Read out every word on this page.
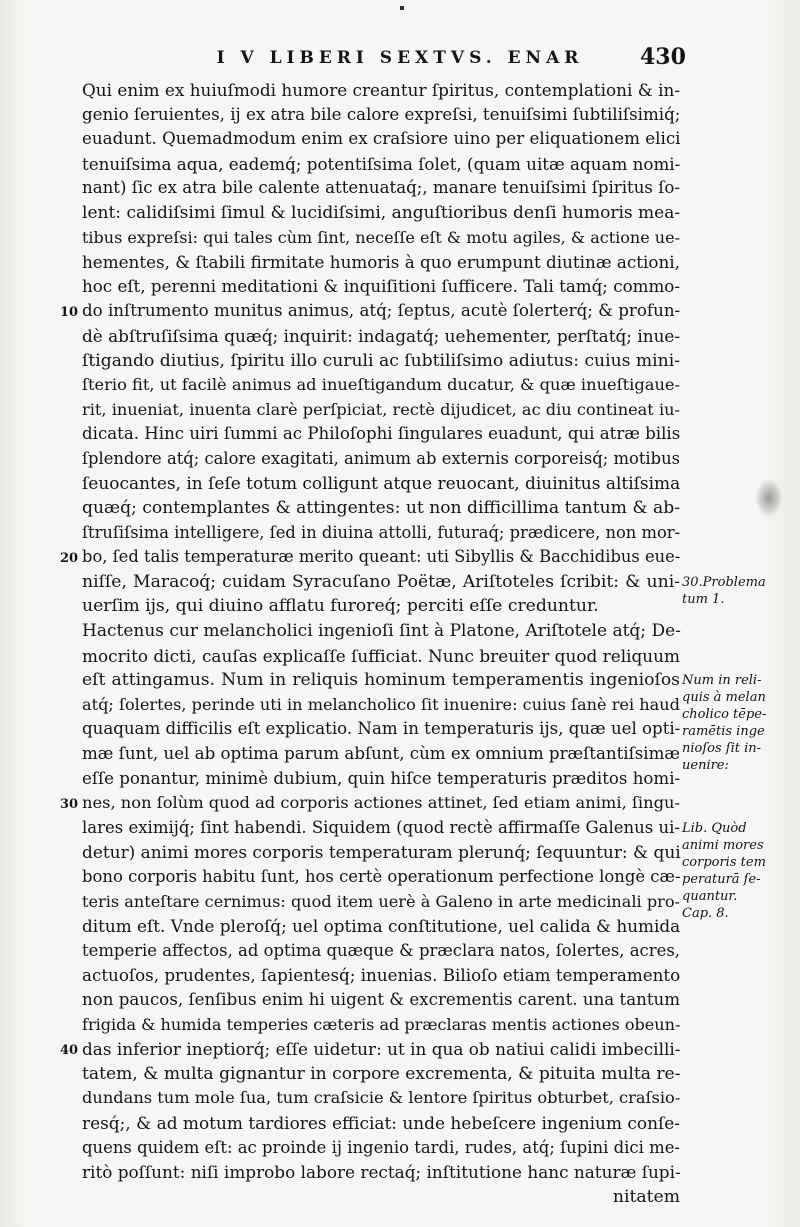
I V LIBERI SEXTVS. ENAR	430
Qui enim ex huiuſmodi humore creantur ſpiritus, contemplationi & in-
genio ſeruientes, ij ex atra bile calore expreſsi, tenuiſsimi ſubtiliſsimiq́;
euadunt. Quemadmodum enim ex craſsiore uino per eliquationem elici
tenuiſsima aqua, eademq́; potentiſsima ſolet, (quam uitæ aquam nomi-
nant) ſic ex atra bile calente attenuataq́;, manare tenuiſsimi ſpiritus ſo-
lent: calidiſsimi ſimul & lucidiſsimi, anguſtioribus denſi humoris mea-
tibus expreſsi: qui tales cùm ſint, neceſſe eſt & motu agiles, & actione ue-
hementes, & ſtabili firmitate humoris à quo erumpunt diutinæ actioni,
hoc eſt, perenni meditationi & inquiſitioni ſufficere. Tali tamq́; commo-
do inſtrumento munitus animus, atq́; ſeptus, acutè ſolerterq́; & profun-
dè abſtruſiſsima quæq́; inquirit: indagatq́; uehementer, perſtatq́; inue-
ſtigando diutius, ſpiritu illo curuli ac ſubtiliſsimo adiutus: cuius mini-
ſterio fit, ut facilè animus ad inueſtigandum ducatur, & quæ inueſtigaue-
rit, inueniat, inuenta clarè perſpiciat, rectè dijudicet, ac diu contineat iu-
dicata. Hinc uiri ſummi ac Philoſophi ſingulares euadunt, qui atræ bilis
ſplendore atq́; calore exagitati, animum ab externis corporeisq́; motibus
ſeuocantes, in ſeſe totum colligunt atque reuocant, diuinitus altiſsima
quæq́; contemplantes & attingentes: ut non difficillima tantum & ab-
ſtruſiſsima intelligere, ſed in diuina attolli, futuraq́; prædicere, non mor-
bo, ſed talis temperaturæ merito queant: uti Sibyllis & Bacchidibus eue-
niſſe, Maracoq́; cuidam Syracuſano Poëtæ, Ariſtoteles ſcribit: & uni-
uerſim ijs, qui diuino afflatu furoreq́; perciti eſſe creduntur.
Hactenus cur melancholici ingenioſi ſint à Platone, Ariſtotele atq́; De-
mocrito dicti, cauſas explicaſſe ſufficiat. Nunc breuiter quod reliquum
eſt attingamus. Num in reliquis hominum temperamentis ingenioſos
atq́; ſolertes, perinde uti in melancholico ſit inuenire: cuius ſanè rei haud
quaquam difficilis eſt explicatio. Nam in temperaturis ijs, quæ uel opti-
mæ ſunt, uel ab optima parum abſunt, cùm ex omnium præſtantiſsimæ
eſſe ponantur, minimè dubium, quin hiſce temperaturis præditos homi-
nes, non ſolùm quod ad corporis actiones attinet, ſed etiam animi, ſingu-
lares eximijq́; ſint habendi. Siquidem (quod rectè affirmaſſe Galenus ui-
detur) animi mores corporis temperaturam plerunq́; ſequuntur: & qui
bono corporis habitu ſunt, hos certè operationum perfectione longè cæ-
teris anteſtare cernimus: quod item uerè à Galeno in arte medicinali pro-
ditum eſt. Vnde pleroſq́; uel optima conſtitutione, uel calida & humida
temperie affectos, ad optima quæque & præclara natos, ſolertes, acres,
actuoſos, prudentes, ſapientesq́; inuenias. Bilioſo etiam temperamento
non paucos, ſenſibus enim hi uigent & excrementis carent. una tantum
frigida & humida temperies cæteris ad præclaras mentis actiones obeun-
das inferior ineptiorq́; eſſe uidetur: ut in qua ob natiui calidi imbecilli-
tatem, & multa gignantur in corpore excrementa, & pituita multa re-
dundans tum mole ſua, tum craſsicie & lentore ſpiritus obturbet, craſsio-
resq́;, & ad motum tardiores efficiat: unde hebeſcere ingenium conſe-
quens quidem eſt: ac proinde ij ingenio tardi, rudes, atq́; ſupini dici me-
ritò poſſunt: niſi improbo labore rectaq́; inſtitutione hanc naturæ ſupi-
nitatem
10
20
30
40
30.Problema
tum 1.
Num in reli-
quis à melan
cholico tēpe-
ramētis inge
nioſos ſit in-
uenire:
Lib. Quòd
animi mores
corporis tem
peraturā ſe-
quantur.
Cap. 8.
